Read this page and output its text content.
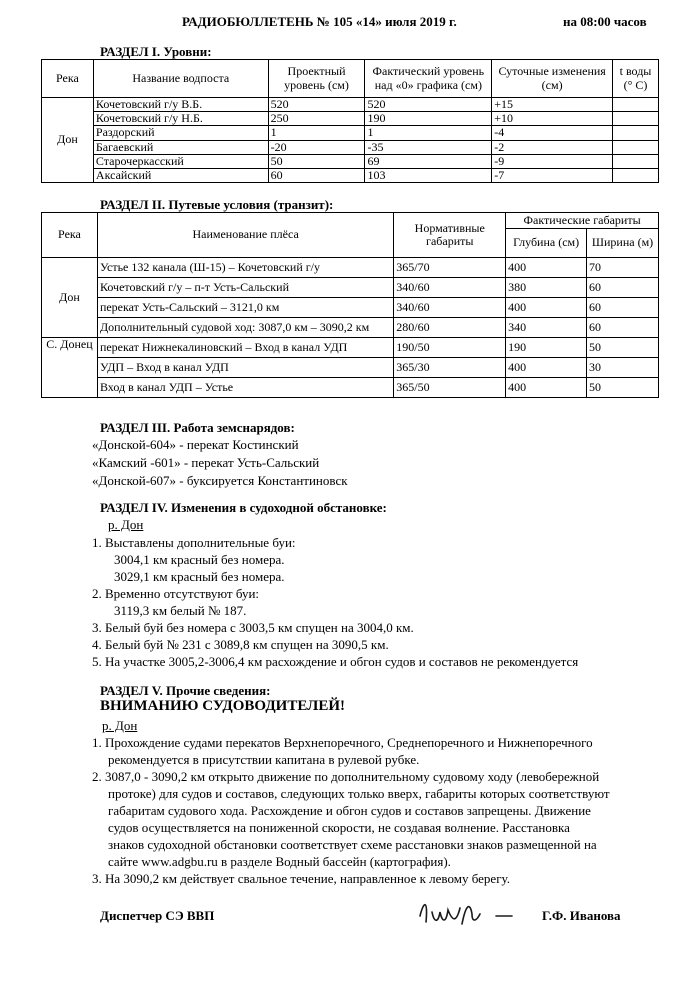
РАДИОБЮЛЛЕТЕНЬ № 105 «14» июля 2019 г.	на 08:00 часов
РАЗДЕЛ I. Уровни:
Река	Название водпоста	Проектный уровень (см)	Фактический уровень над «0» графика (см)	Суточные изменения (см)	t воды (° С)
Дон	Кочетовский г/у В.Б.	520	520	+15	
	Кочетовский г/у Н.Б.	250	190	+10	
	Раздорский	1	1	-4	
	Багаевский	-20	-35	-2	
	Старочеркасский	50	69	-9	
	Аксайский	60	103	-7	
РАЗДЕЛ II. Путевые условия (транзит):
Река	Наименование плёса	Нормативные габариты	Фактические габариты	
			Глубина (см)	Ширина (м)
Дон	Устье 132 канала (Ш-15) – Кочетовский г/у	365/70	400	70
	Кочетовский г/у – п-т Усть-Сальский	340/60	380	60
	перекат Усть-Сальский – 3121,0 км	340/60	400	60
	Дополнительный судовой ход: 3087,0 км – 3090,2 км	280/60	340	60
С. Донец	перекат Нижнекалиновский – Вход в канал УДП	190/50	190	50
	УДП – Вход в канал УДП	365/30	400	30
	Вход в канал УДП – Устье	365/50	400	50
РАЗДЕЛ III. Работа земснарядов:
«Донской-604» - перекат Костинский
«Камский -601» - перекат Усть-Сальский
«Донской-607» - буксируется Константиновск
РАЗДЕЛ IV. Изменения в судоходной обстановке:
р. Дон
1. Выставлены дополнительные буи:
3004,1 км красный без номера.
3029,1 км красный без номера.
2. Временно отсутствуют буи:
3119,3 км белый № 187.
3. Белый буй без номера с 3003,5 км спущен на 3004,0 км.
4. Белый буй № 231 с 3089,8 км спущен на 3090,5 км.
5. На участке 3005,2-3006,4 км расхождение и обгон судов и составов не рекомендуется
РАЗДЕЛ V. Прочие сведения:
ВНИМАНИЮ СУДОВОДИТЕЛЕЙ!
р. Дон
1. Прохождение судами перекатов Верхнепоречного, Среднепоречного и Нижнепоречного
рекомендуется в присутствии капитана в рулевой рубке.
2. 3087,0 - 3090,2 км открыто движение по дополнительному судовому ходу (левобережной
протоке) для судов и составов, следующих только вверх, габариты которых соответствуют
габаритам судового хода. Расхождение и обгон судов и составов запрещены. Движение
судов осуществляется на пониженной скорости, не создавая волнение. Расстановка
знаков судоходной обстановки соответствует схеме расстановки знаков размещенной на
сайте www.adgbu.ru в разделе Водный бассейн (картография).
3. На 3090,2 км действует свальное течение, направленное к левому берегу.
Диспетчер СЭ ВВП	Г.Ф. Иванова
